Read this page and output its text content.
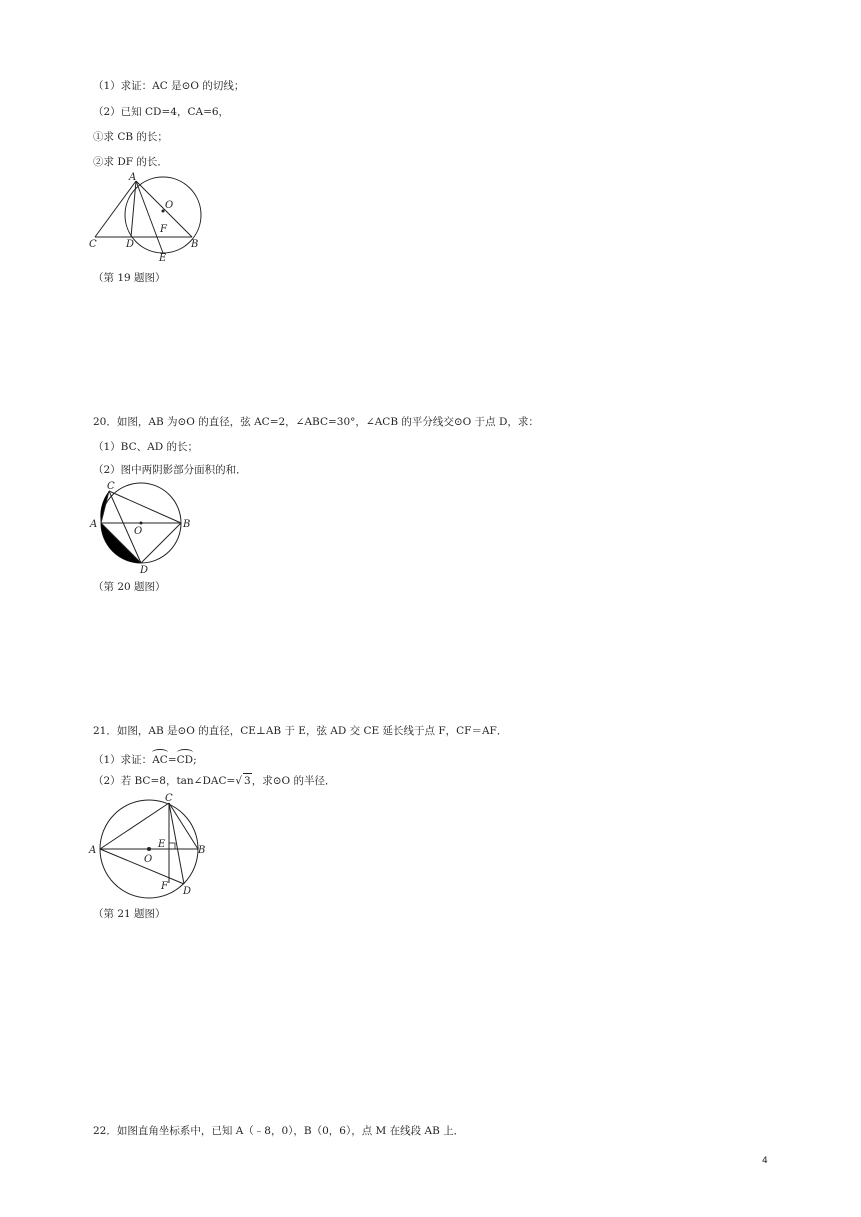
（1）求证：AC 是⊙O 的切线；
（2）已知 CD=4，CA=6，
①求 CB 的长；
②求 DF 的长．
A
O
F
C	D	B
E
（第 19 题图）
20．如图，AB 为⊙O 的直径，弦 AC=2，∠ABC=30°，∠ACB 的平分线交⊙O 于点 D，求：
（1）BC、AD 的长；
（2）图中两阴影部分面积的和．
C
A
O
B
D
（第 20 题图）
21．如图，AB 是⊙O 的直径，CE⊥AB 于 E，弦 AD 交 CE 延长线于点 F，CF＝AF．
（1）求证：AC=CD;
（2）若 BC=8，tan∠DAC=√ 3，求⊙O 的半径．
C
A
O
E
B
F D
（第 21 题图）
22．如图直角坐标系中，已知 A（﹣8，0），B（0，6），点 M 在线段 AB 上．
4
